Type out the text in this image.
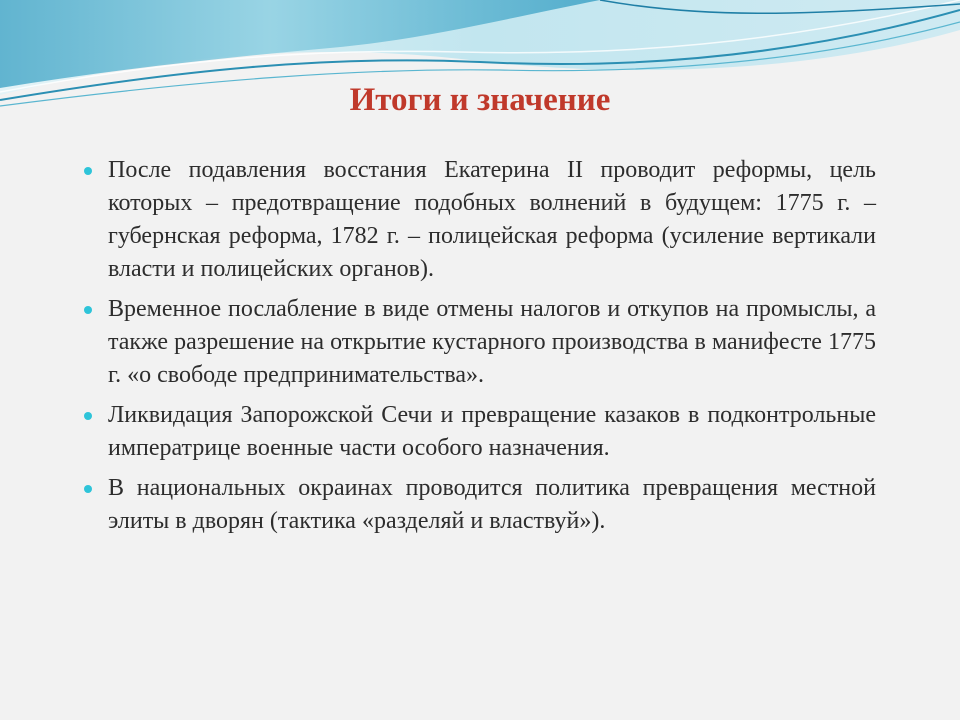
Итоги и значение
После подавления восстания Екатерина II проводит реформы, цель которых – предотвращение подобных волнений в будущем: 1775 г. – губернская реформа, 1782 г. – полицейская реформа (усиление вертикали власти и полицейских органов).
Временное послабление в виде отмены налогов и откупов на промыслы, а также разрешение на открытие кустарного производства в манифесте 1775 г. «о свободе предпринимательства».
Ликвидация Запорожской Сечи и превращение казаков в подконтрольные императрице военные части особого назначения.
В национальных окраинах проводится политика превращения местной элиты в дворян (тактика «разделяй и властвуй»).
